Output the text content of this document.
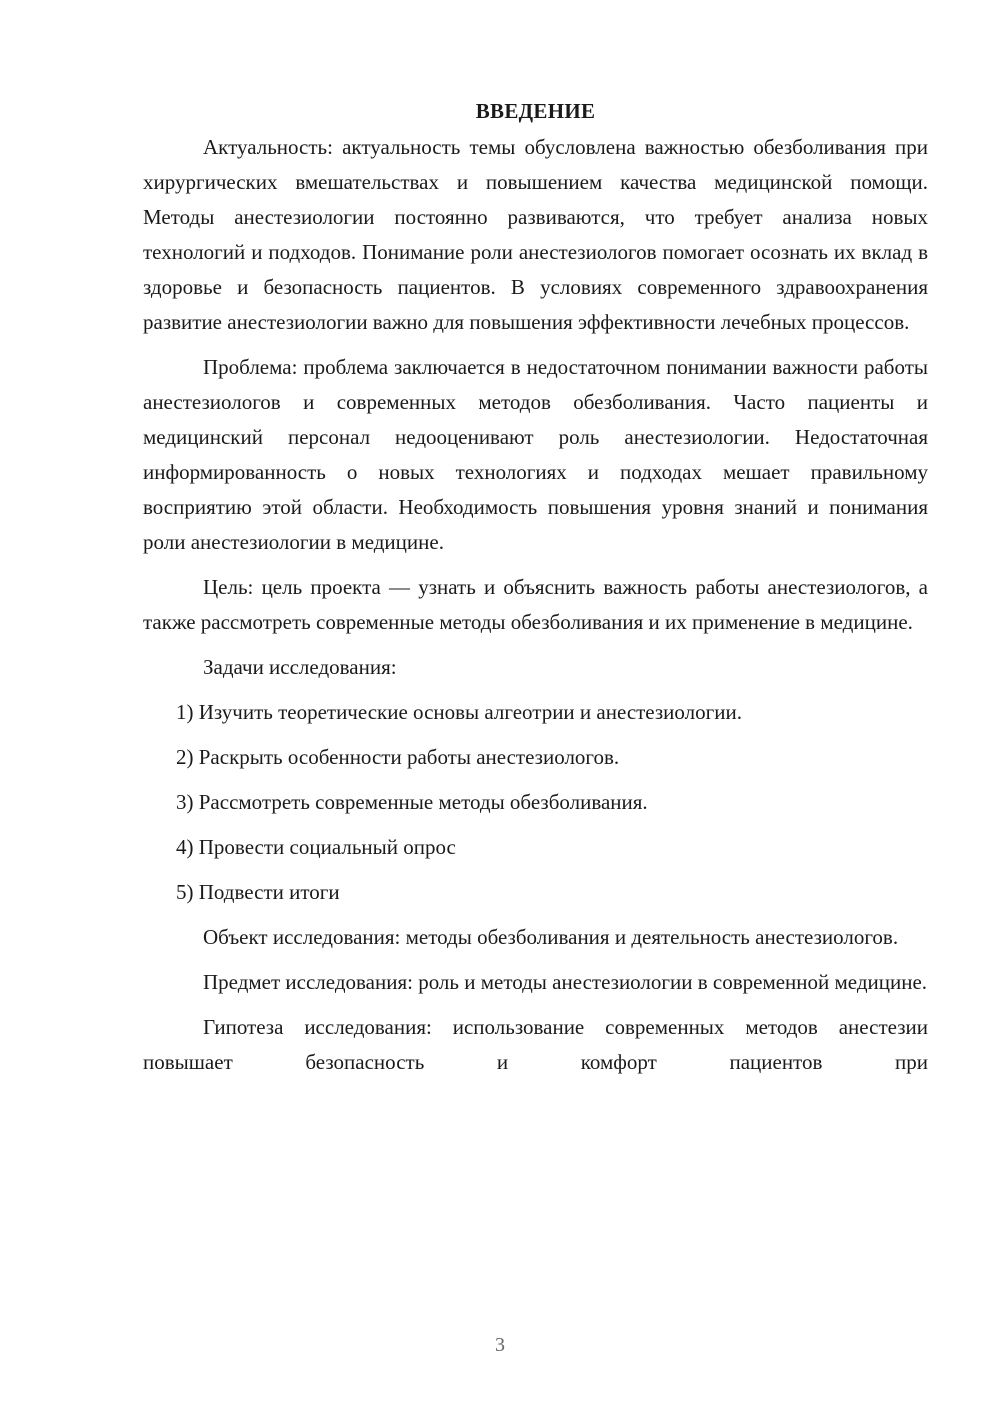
ВВЕДЕНИЕ

Актуальность: актуальность темы обусловлена важностью обезболивания при хирургических вмешательствах и повышением качества медицинской помощи. Методы анестезиологии постоянно развиваются, что требует анализа новых технологий и подходов. Понимание роли анестезиологов помогает осознать их вклад в здоровье и безопасность пациентов. В условиях современного здравоохранения развитие анестезиологии важно для повышения эффективности лечебных процессов.

Проблема: проблема заключается в недостаточном понимании важности работы анестезиологов и современных методов обезболивания. Часто пациенты и медицинский персонал недооценивают роль анестезиологии. Недостаточная информированность о новых технологиях и подходах мешает правильному восприятию этой области. Необходимость повышения уровня знаний и понимания роли анестезиологии в медицине.

Цель: цель проекта — узнать и объяснить важность работы анестезиологов, а также рассмотреть современные методы обезболивания и их применение в медицине.

Задачи исследования:

1) Изучить теоретические основы алгеотрии и анестезиологии.

2) Раскрыть особенности работы анестезиологов.

3) Рассмотреть современные методы обезболивания.

4) Провести социальный опрос

5) Подвести итоги

Объект исследования: методы обезболивания и деятельность анестезиологов.

Предмет исследования: роль и методы анестезиологии в современной медицине.

Гипотеза исследования: использование современных методов анестезии повышает безопасность и комфорт пациентов при

3
